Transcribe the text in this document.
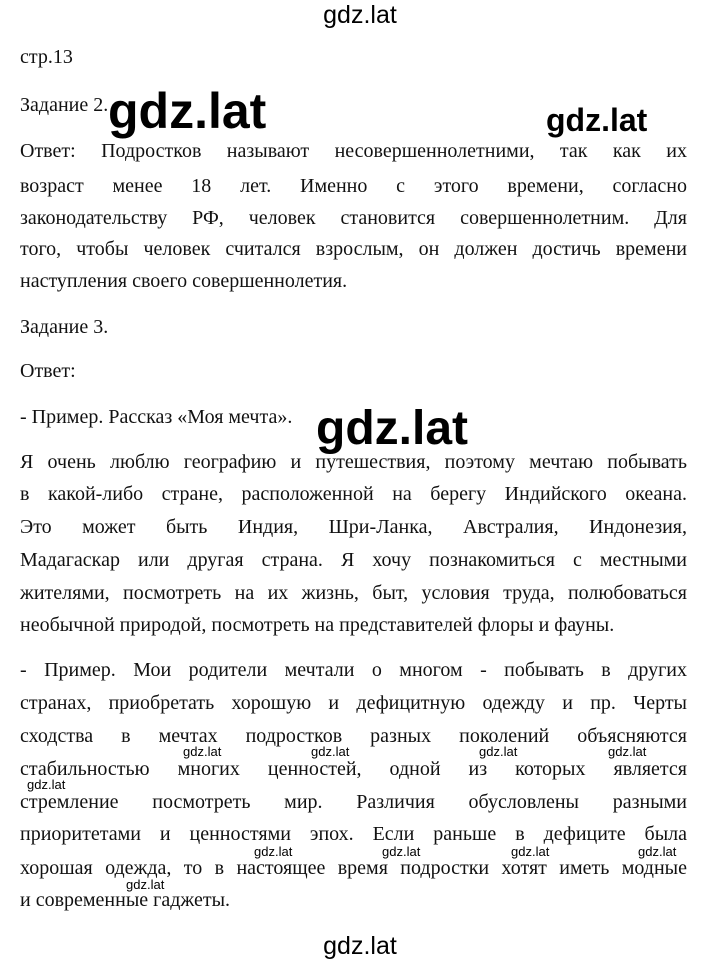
gdz.lat
стр.13
Задание 2.
Ответ: Подростков называют несовершеннолетними, так как их
возраст менее 18 лет. Именно с этого времени, согласно
законодательству РФ, человек становится совершеннолетним. Для
того, чтобы человек считался взрослым, он должен достичь времени
наступления своего совершеннолетия.
Задание 3.
Ответ:
- Пример. Рассказ «Моя мечта».
Я очень люблю географию и путешествия, поэтому мечтаю побывать
в какой-либо стране, расположенной на берегу Индийского океана.
Это может быть Индия, Шри-Ланка, Австралия, Индонезия,
Мадагаскар или другая страна. Я хочу познакомиться с местными
жителями, посмотреть на их жизнь, быт, условия труда, полюбоваться
необычной природой, посмотреть на представителей флоры и фауны.
- Пример. Мои родители мечтали о многом - побывать в других
странах, приобретать хорошую и дефицитную одежду и пр. Черты
сходства в мечтах подростков разных поколений объясняются
стабильностью многих ценностей, одной из которых является
стремление посмотреть мир. Различия обусловлены разными
приоритетами и ценностями эпох. Если раньше в дефиците была
хорошая одежда, то в настоящее время подростки хотят иметь модные
и современные гаджеты.
gdz.lat	gdz.lat
gdz.lat
gdz.lat	gdz.lat	gdz.lat	gdz.lat
gdz.lat
gdz.lat	gdz.lat	gdz.lat	gdz.lat
gdz.lat
gdz.lat
